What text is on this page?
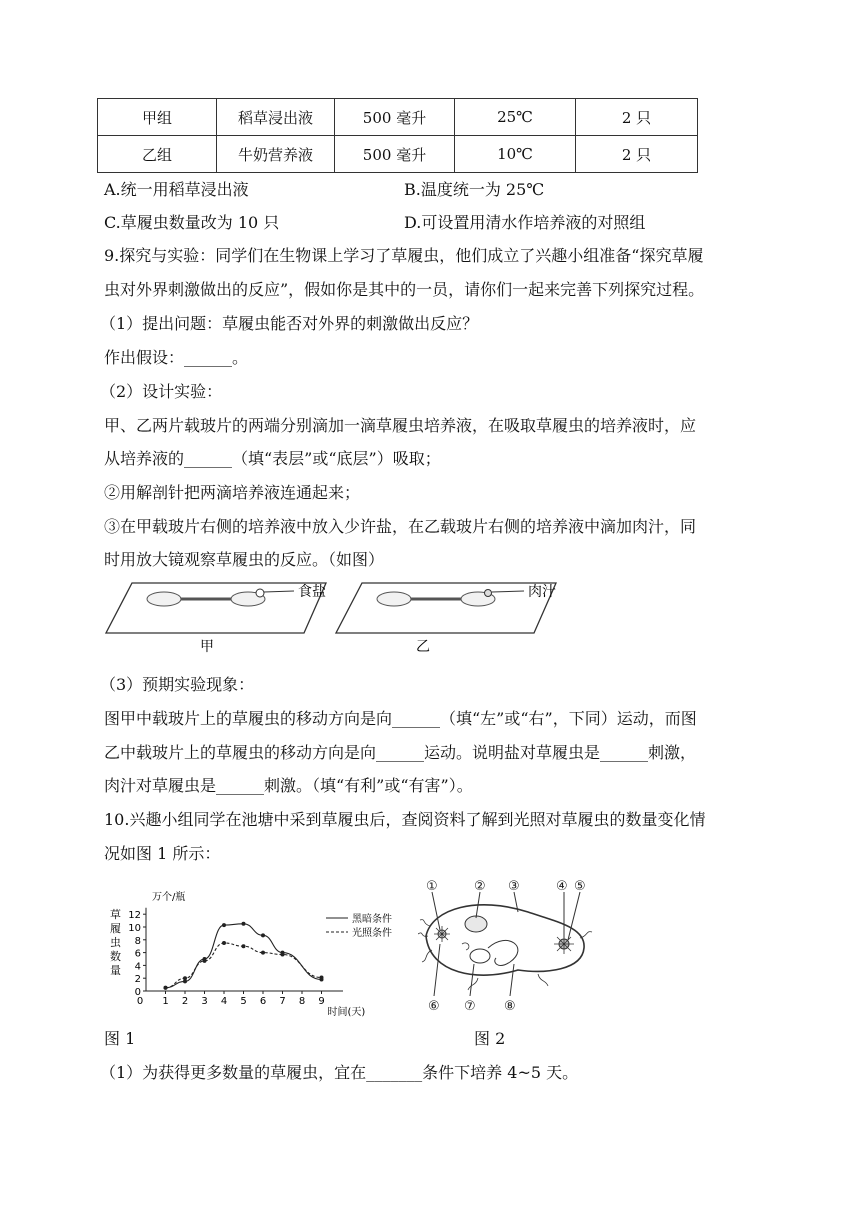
甲组	稻草浸出液	500 毫升	25℃	2 只
乙组	牛奶营养液	500 毫升	10℃	2 只
A.统一用稻草浸出液	B.温度统一为 25℃
C.草履虫数量改为 10 只	D.可设置用清水作培养液的对照组
9.探究与实验：同学们在生物课上学习了草履虫，他们成立了兴趣小组准备“探究草履
虫对外界刺激做出的反应”，假如你是其中的一员，请你们一起来完善下列探究过程。
（1）提出问题：草履虫能否对外界的刺激做出反应？
作出假设：______。
（2）设计实验：
甲、乙两片载玻片的两端分别滴加一滴草履虫培养液，在吸取草履虫的培养液时，应
从培养液的______（填“表层”或“底层”）吸取；
②用解剖针把两滴培养液连通起来；
③在甲载玻片右侧的培养液中放入少许盐，在乙载玻片右侧的培养液中滴加肉汁，同
时用放大镜观察草履虫的反应。（如图）
食盐
甲
肉汁
乙
（3）预期实验现象：
图甲中载玻片上的草履虫的移动方向是向______（填“左”或“右”，下同）运动，而图
乙中载玻片上的草履虫的移动方向是向______运动。说明盐对草履虫是______刺激，
肉汁对草履虫是______刺激。（填“有利”或“有害”）。
10.兴趣小组同学在池塘中采到草履虫后，查阅资料了解到光照对草履虫的数量变化情
况如图 1 所示：
0
2
4
6
8
10
12
0 1 2 3 4 5 6 7 8 9
万个/瓶
草
履
虫
数
量
时间(天)
黑暗条件
光照条件
①	② ③	④ ⑤
⑥ ⑦ ⑧
图 1	图 2
（1）为获得更多数量的草履虫，宜在_______条件下培养 4~5 天。
